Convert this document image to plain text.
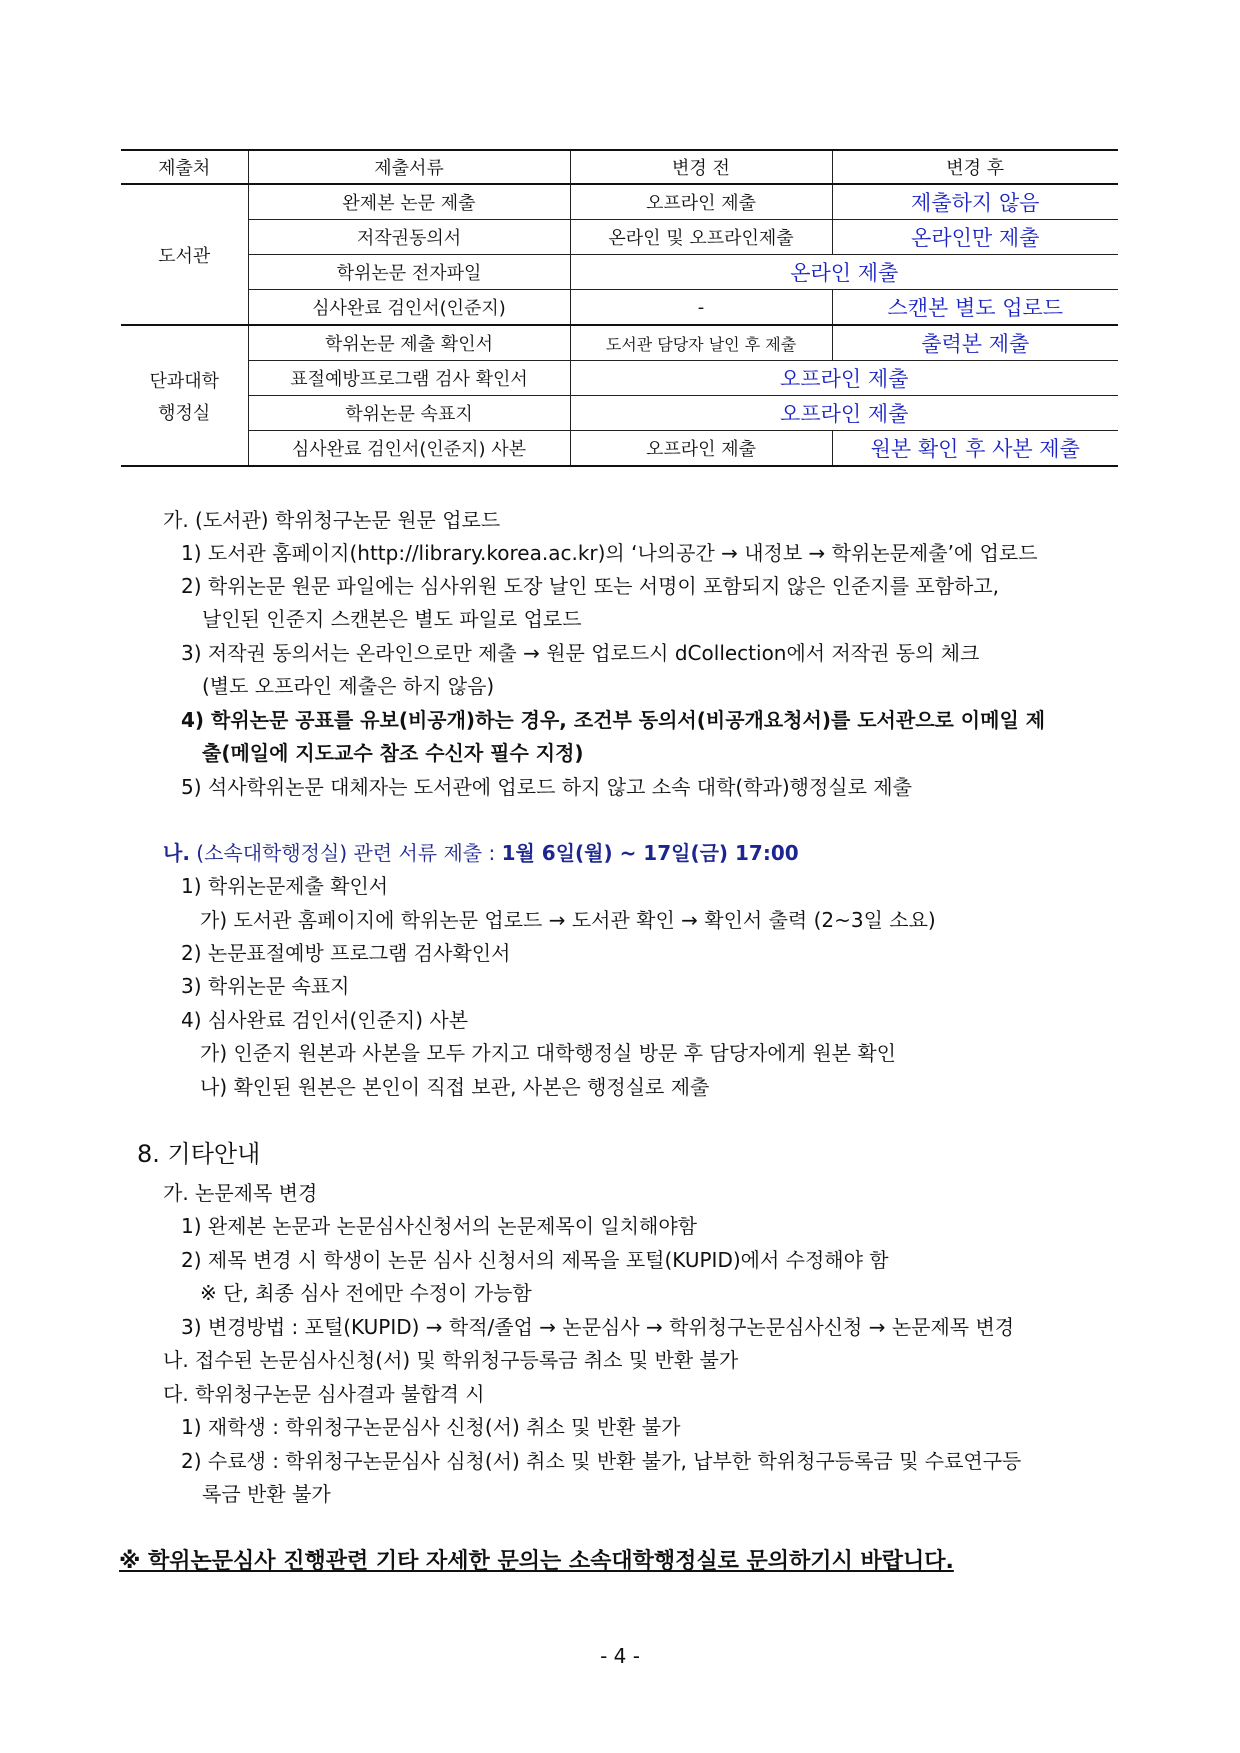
제출처	제출서류	변경 전	변경 후
도서관	완제본 논문 제출	오프라인 제출	제출하지 않음
	저작권동의서	온라인 및 오프라인제출	온라인만 제출
	학위논문 전자파일	온라인 제출	
	심사완료 검인서(인준지)	-	스캔본 별도 업로드

단과대학
행정실	학위논문 제출 확인서	도서관 담당자 날인 후 제출	출력본 제출
	표절예방프로그램 검사 확인서	오프라인 제출	
	학위논문 속표지	오프라인 제출	
	심사완료 검인서(인준지) 사본	오프라인 제출	원본 확인 후 사본 제출
가. (도서관) 학위청구논문 원문 업로드
1) 도서관 홈페이지(http://library.korea.ac.kr)의 ‘나의공간 → 내정보 → 학위논문제출’에 업로드
2) 학위논문 원문 파일에는 심사위원 도장 날인 또는 서명이 포함되지 않은 인준지를 포함하고,
날인된 인준지 스캔본은 별도 파일로 업로드
3) 저작권 동의서는 온라인으로만 제출 → 원문 업로드시 dCollection에서 저작권 동의 체크
(별도 오프라인 제출은 하지 않음)
4) 학위논문 공표를 유보(비공개)하는 경우, 조건부 동의서(비공개요청서)를 도서관으로 이메일 제
출(메일에 지도교수 참조 수신자 필수 지정)
5) 석사학위논문 대체자는 도서관에 업로드 하지 않고 소속 대학(학과)행정실로 제출
나. (소속대학행정실) 관련 서류 제출 : 1월 6일(월) ~ 17일(금) 17:00
1) 학위논문제출 확인서
가) 도서관 홈페이지에 학위논문 업로드 → 도서관 확인 → 확인서 출력 (2~3일 소요)
2) 논문표절예방 프로그램 검사확인서
3) 학위논문 속표지
4) 심사완료 검인서(인준지) 사본
가) 인준지 원본과 사본을 모두 가지고 대학행정실 방문 후 담당자에게 원본 확인
나) 확인된 원본은 본인이 직접 보관, 사본은 행정실로 제출
8. 기타안내
가. 논문제목 변경
1) 완제본 논문과 논문심사신청서의 논문제목이 일치해야함
2) 제목 변경 시 학생이 논문 심사 신청서의 제목을 포털(KUPID)에서 수정해야 함
※ 단, 최종 심사 전에만 수정이 가능함
3) 변경방법 : 포털(KUPID) → 학적/졸업 → 논문심사 → 학위청구논문심사신청 → 논문제목 변경
나. 접수된 논문심사신청(서) 및 학위청구등록금 취소 및 반환 불가
다. 학위청구논문 심사결과 불합격 시
1) 재학생 : 학위청구논문심사 신청(서) 취소 및 반환 불가
2) 수료생 : 학위청구논문심사 심청(서) 취소 및 반환 불가, 납부한 학위청구등록금 및 수료연구등
록금 반환 불가
※ 학위논문심사 진행관련 기타 자세한 문의는 소속대학행정실로 문의하기시 바랍니다.
- 4 -
